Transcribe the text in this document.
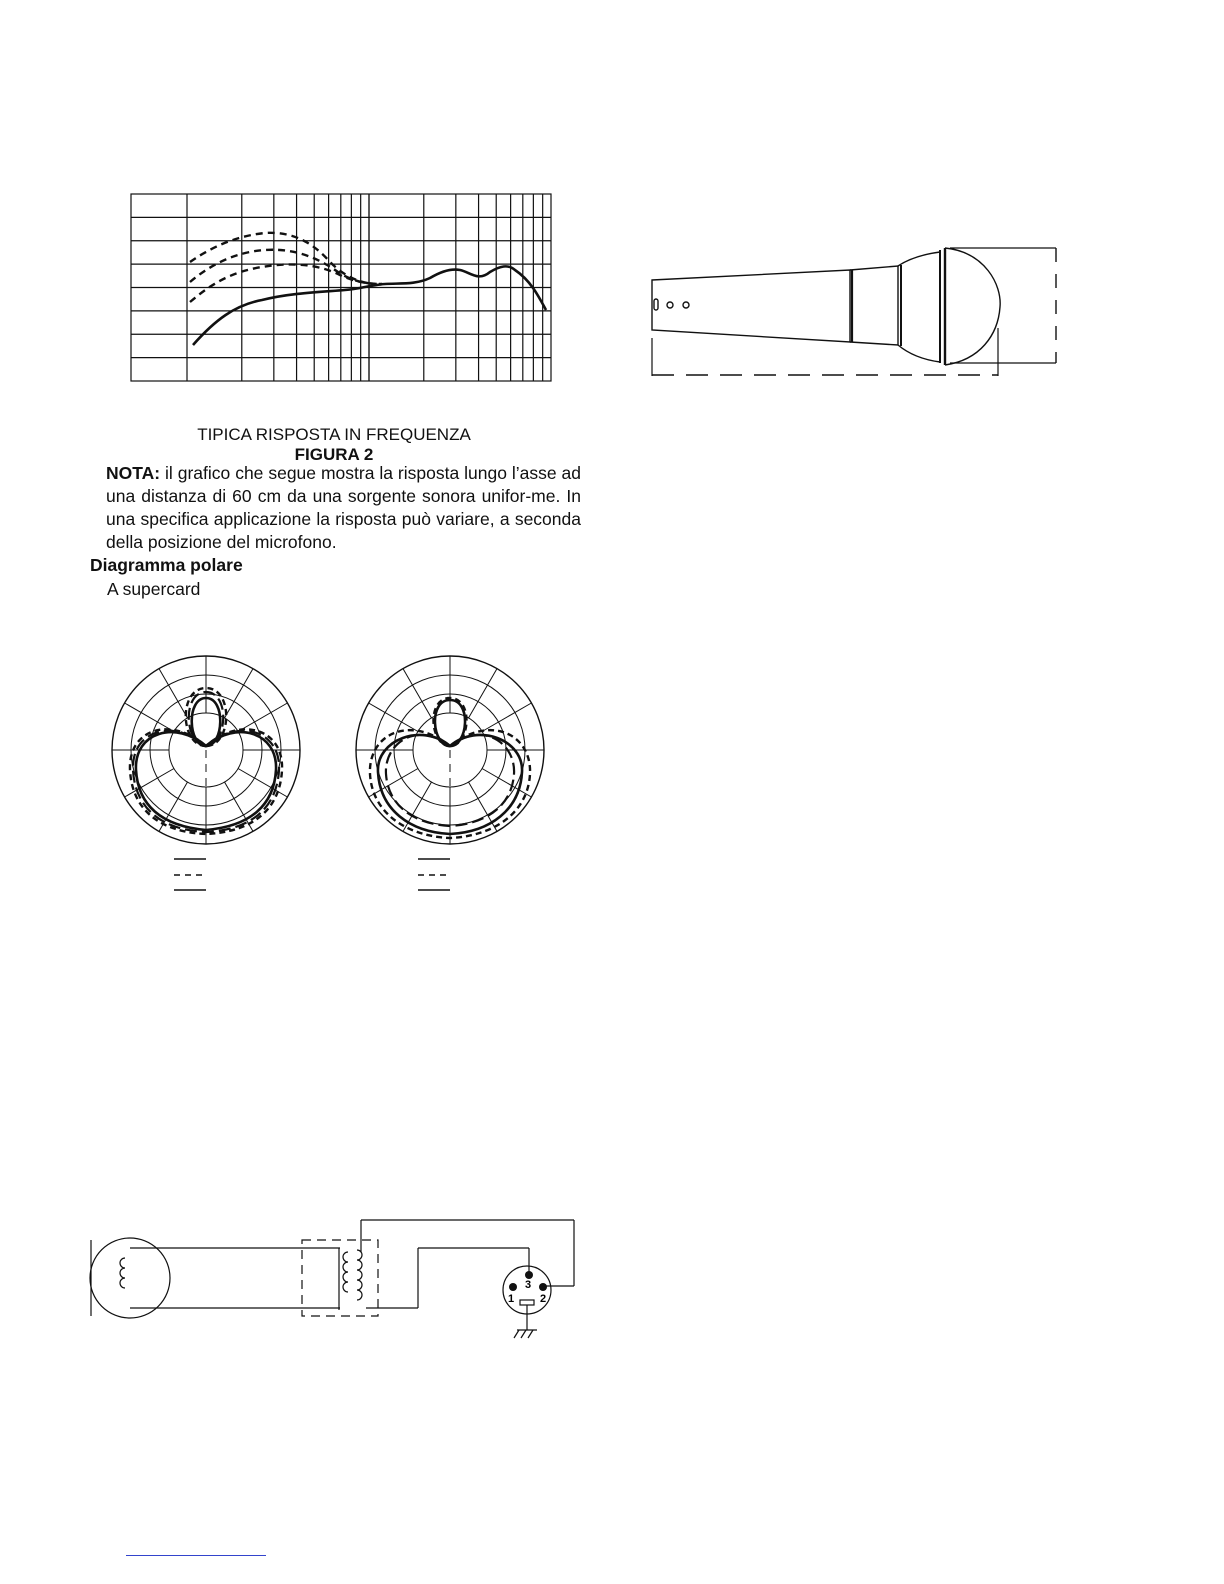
TIPICA RISPOSTA IN FREQUENZA
FIGURA 2
NOTA: il grafico che segue mostra la risposta lungo l’asse ad una distanza di 60 cm da una sorgente sonora unifor-me. In una specifica applicazione la risposta può variare, a seconda della posizione del microfono.
Diagramma polare
A supercard
3
1 2
